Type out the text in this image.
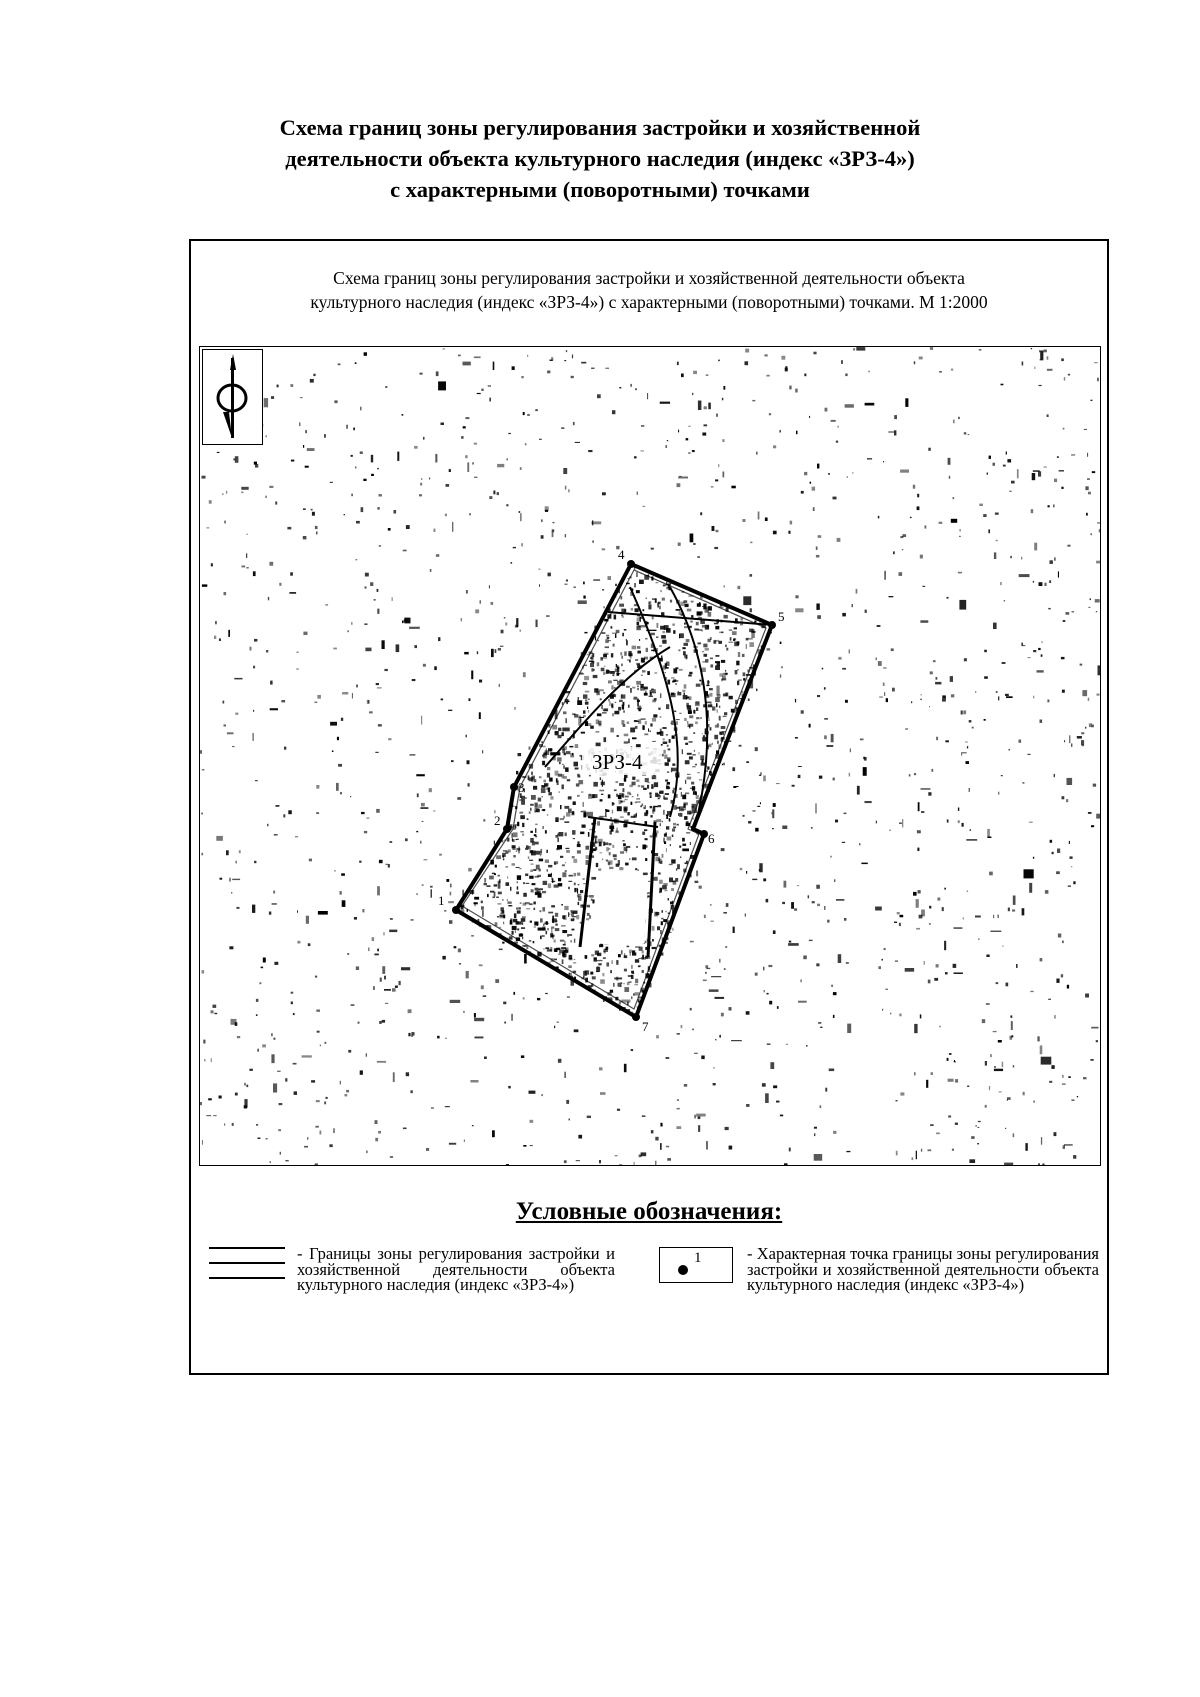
Схема границ зоны регулирования застройки и хозяйственной
деятельности объекта культурного наследия (индекс «ЗРЗ-4»)
с характерными (поворотными) точками

Схема границ зоны регулирования застройки и хозяйственной деятельности объекта
культурного наследия (индекс «ЗРЗ-4») с характерными (поворотными) точками. М 1:2000

1
2
3
4
5
6
7
ЗРЗ-4

Условные обозначения:

- Границы зоны регулирования застройки и хозяйственной деятельности объекта культурного наследия (индекс «ЗРЗ-4»)
1	- Характерная точка границы зоны регулирования застройки и хозяйственной деятельности объекта культурного наследия (индекс «ЗРЗ-4»)
